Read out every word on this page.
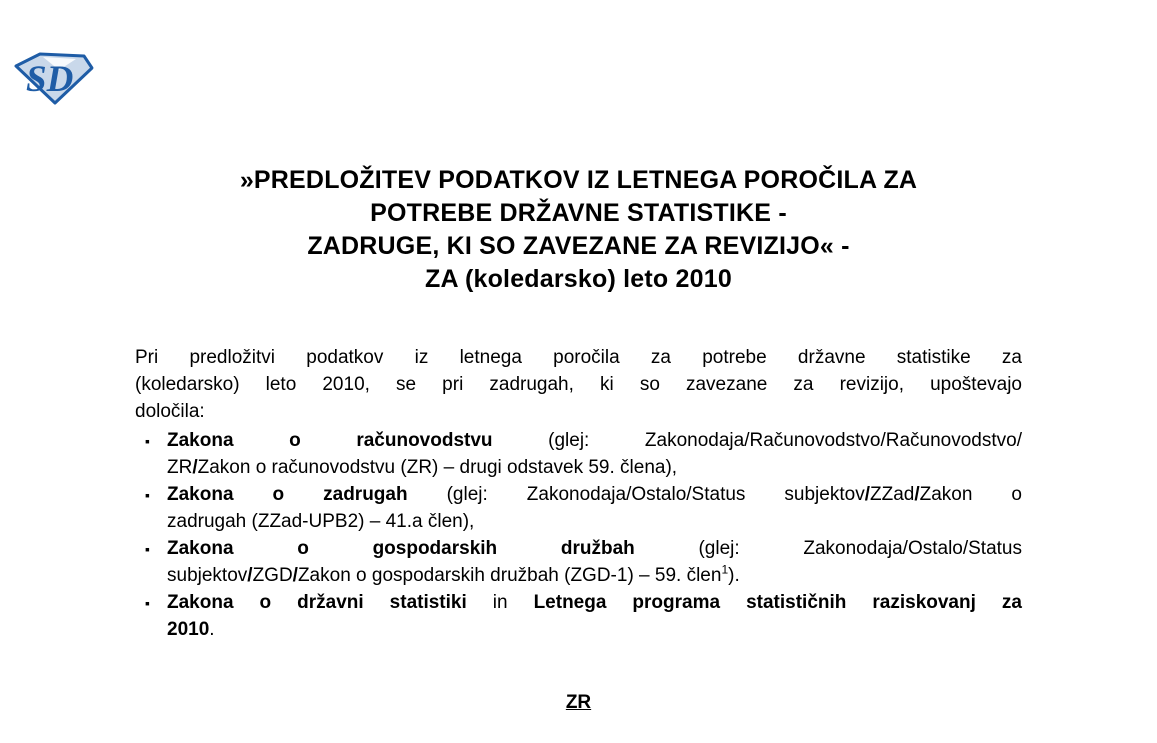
SD
»PREDLOŽITEV PODATKOV IZ LETNEGA POROČILA ZA
POTREBE DRŽAVNE STATISTIKE -
ZADRUGE, KI SO ZAVEZANE ZA REVIZIJO« -
ZA (koledarsko) leto 2010
Pri predložitvi podatkov iz letnega poročila za potrebe državne statistike za
(koledarsko) leto 2010, se pri zadrugah, ki so zavezane za revizijo, upoštevajo
določila:
▪ Zakona o računovodstvu (glej: Zakonodaja/Računovodstvo/Računovodstvo/
ZR/Zakon o računovodstvu (ZR) – drugi odstavek 59. člena),
▪ Zakona o zadrugah (glej: Zakonodaja/Ostalo/Status subjektov/ZZad/Zakon o
zadrugah (ZZad-UPB2) – 41.a člen),
▪ Zakona o gospodarskih družbah (glej: Zakonodaja/Ostalo/Status
subjektov/ZGD/Zakon o gospodarskih družbah (ZGD-1) – 59. člen$^1$).
▪ Zakona o državni statistiki in Letnega programa statističnih raziskovanj za
2010.
ZR
